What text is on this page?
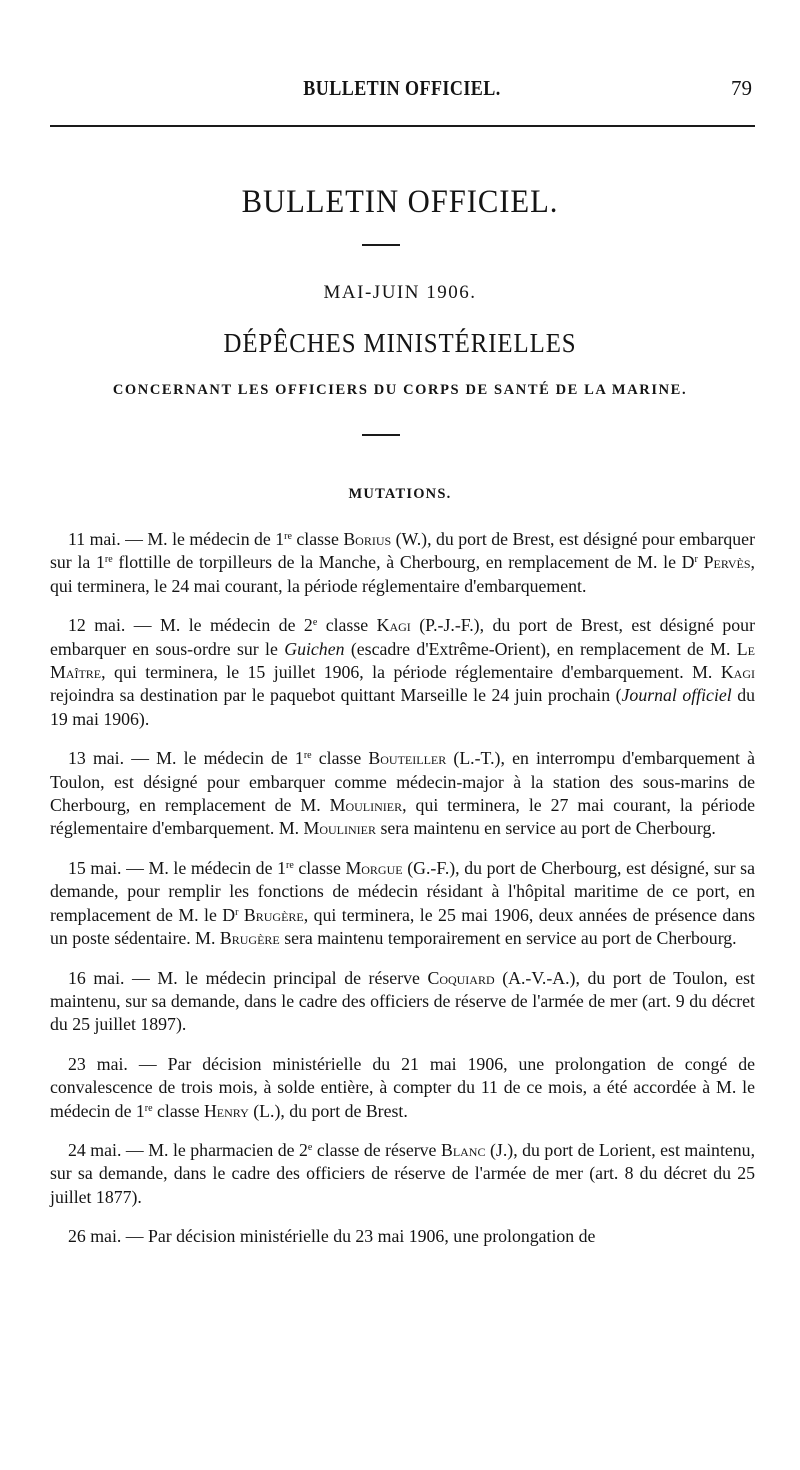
BULLETIN OFFICIEL.	79
BULLETIN OFFICIEL.
MAI-JUIN 1906.
DÉPÊCHES MINISTÉRIELLES
CONCERNANT LES OFFICIERS DU CORPS DE SANTÉ DE LA MARINE.
MUTATIONS.

11 mai. — M. le médecin de 1re classe Borius (W.), du port de Brest, est désigné pour embarquer sur la 1re flottille de torpilleurs de la Manche, à Cherbourg, en remplacement de M. le $D^r$ Pervès, qui terminera, le 24 mai courant, la période réglementaire d'embarquement.

12 mai. — M. le médecin de 2e classe Kagi (P.-J.-F.), du port de Brest, est désigné pour embarquer en sous-ordre sur le Guichen (escadre d'Extrême-Orient), en remplacement de M. Le Maître, qui terminera, le 15 juillet 1906, la période réglementaire d'embarquement. M. Kagi rejoindra sa destination par le paquebot quittant Marseille le 24 juin prochain (Journal officiel du 19 mai 1906).

13 mai. — M. le médecin de 1re classe Bouteiller (L.-T.), en interrompu d'embarquement à Toulon, est désigné pour embarquer comme médecin-major à la station des sous-marins de Cherbourg, en remplacement de M. Moulinier, qui terminera, le 27 mai courant, la période réglementaire d'embarquement. M. Moulinier sera maintenu en service au port de Cherbourg.

15 mai. — M. le médecin de 1re classe Morgue (G.-F.), du port de Cherbourg, est désigné, sur sa demande, pour remplir les fonctions de médecin résidant à l'hôpital maritime de ce port, en remplacement de M. le $D^r$ Brugère, qui terminera, le 25 mai 1906, deux années de présence dans un poste sédentaire. M. Brugère sera maintenu temporairement en service au port de Cherbourg.

16 mai. — M. le médecin principal de réserve Coquiard (A.-V.-A.), du port de Toulon, est maintenu, sur sa demande, dans le cadre des officiers de réserve de l'armée de mer (art. 9 du décret du 25 juillet 1897).

23 mai. — Par décision ministérielle du 21 mai 1906, une prolongation de congé de convalescence de trois mois, à solde entière, à compter du 11 de ce mois, a été accordée à M. le médecin de 1re classe Henry (L.), du port de Brest.

24 mai. — M. le pharmacien de 2e classe de réserve Blanc (J.), du port de Lorient, est maintenu, sur sa demande, dans le cadre des officiers de réserve de l'armée de mer (art. 8 du décret du 25 juillet 1877).

26 mai. — Par décision ministérielle du 23 mai 1906, une prolongation de
